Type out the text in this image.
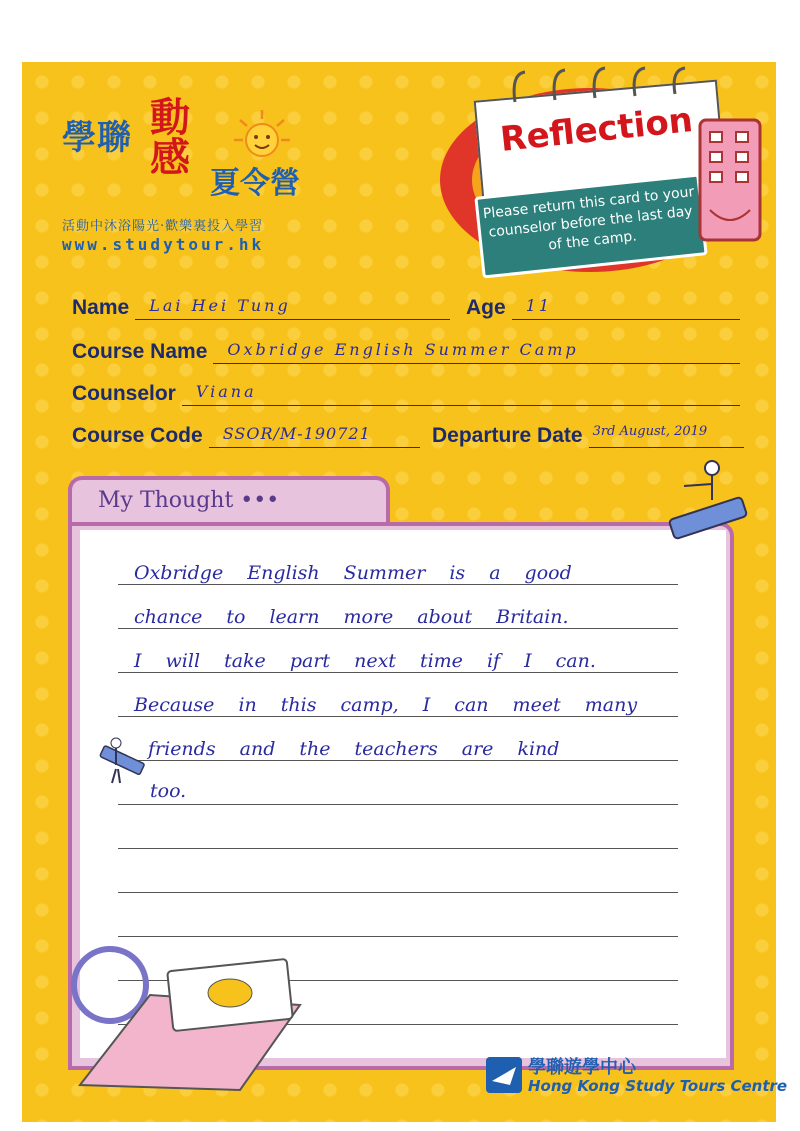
學聯 動感
夏令營
活動中沐浴陽光‧歡樂裏投入學習
www.studytour.hk
Reflection
Please return this card to your counselor before the last day of the camp.
Name	Lai Hei Tung	Age	11
Course Name	Oxbridge English Summer Camp
Counselor	Viana
Course Code	SSOR/M-190721	Departure Date 3rd August, 2019
My Thought •••
Oxbridge English Summer is a good
chance to learn more about Britain.
I will take part next time if I can.
Because in this camp, I can meet many
friends and the teachers are kind
too.
學聯遊學中心
Hong Kong Study Tours Centre
